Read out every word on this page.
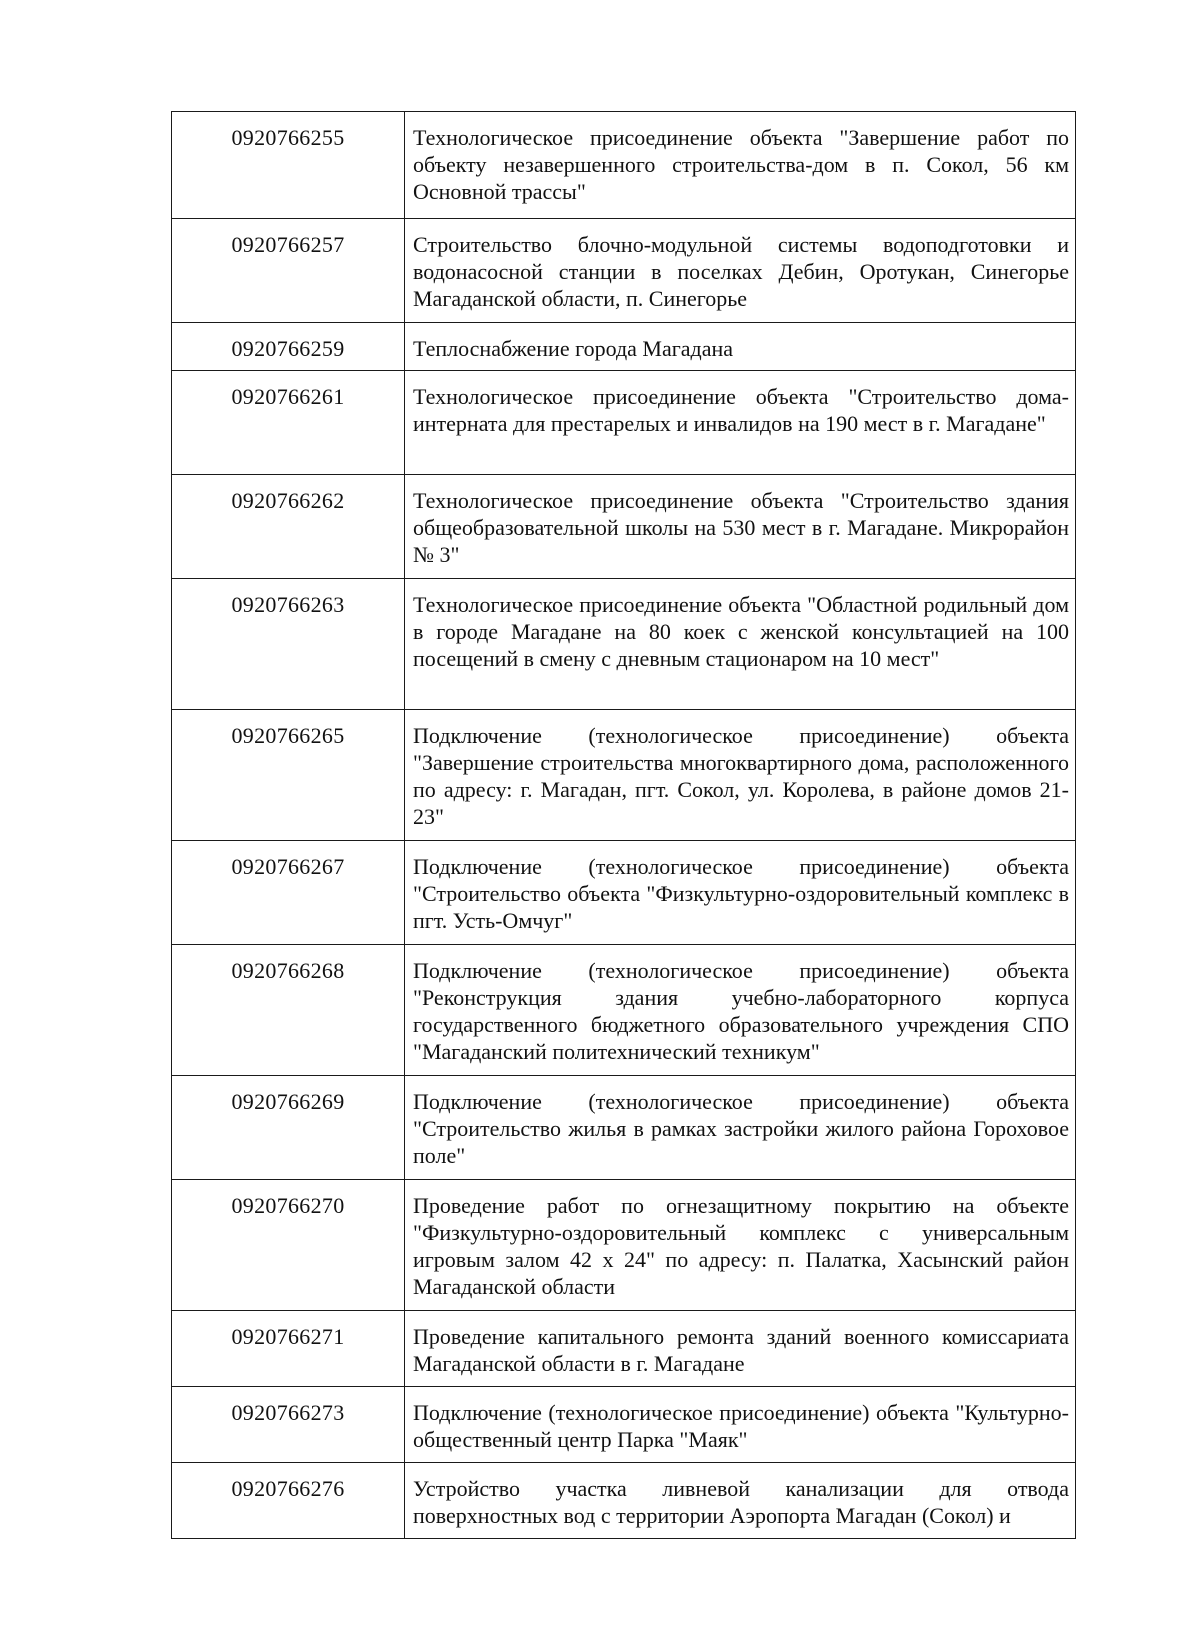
0920766255	Технологическое присоединение объекта "Завершение работ по объекту незавершенного строительства-дом в п. Сокол, 56 км Основной трассы"
0920766257	Строительство блочно-модульной системы водоподготовки и водонасосной станции в поселках Дебин, Оротукан, Синегорье Магаданской области, п. Синегорье
0920766259	Теплоснабжение города Магадана
0920766261	Технологическое присоединение объекта "Строительство дома-интерната для престарелых и инвалидов на 190 мест в г. Магадане"
0920766262	Технологическое присоединение объекта "Строительство здания общеобразовательной школы на 530 мест в г. Магадане. Микрорайон № 3"
0920766263	Технологическое присоединение объекта "Областной родильный дом в городе Магадане на 80 коек с женской консультацией на 100 посещений в смену с дневным стационаром на 10 мест"
0920766265	Подключение (технологическое присоединение) объекта "Завершение строительства многоквартирного дома, расположенного по адресу: г. Магадан, пгт. Сокол, ул. Королева, в районе домов 21-23"
0920766267	Подключение (технологическое присоединение) объекта "Строительство объекта "Физкультурно-оздоровительный комплекс в пгт. Усть-Омчуг"
0920766268	Подключение (технологическое присоединение) объекта "Реконструкция здания учебно-лабораторного корпуса государственного бюджетного образовательного учреждения СПО "Магаданский политехнический техникум"
0920766269	Подключение (технологическое присоединение) объекта "Строительство жилья в рамках застройки жилого района Гороховое поле"
0920766270	Проведение работ по огнезащитному покрытию на объекте "Физкультурно-оздоровительный комплекс с универсальным игровым залом 42 х 24" по адресу: п. Палатка, Хасынский район Магаданской области
0920766271	Проведение капитального ремонта зданий военного комиссариата Магаданской области в г. Магадане
0920766273	Подключение (технологическое присоединение) объекта "Культурно-общественный центр Парка "Маяк"
0920766276	Устройство участка ливневой канализации для отвода поверхностных вод с территории Аэропорта Магадан (Сокол) и
